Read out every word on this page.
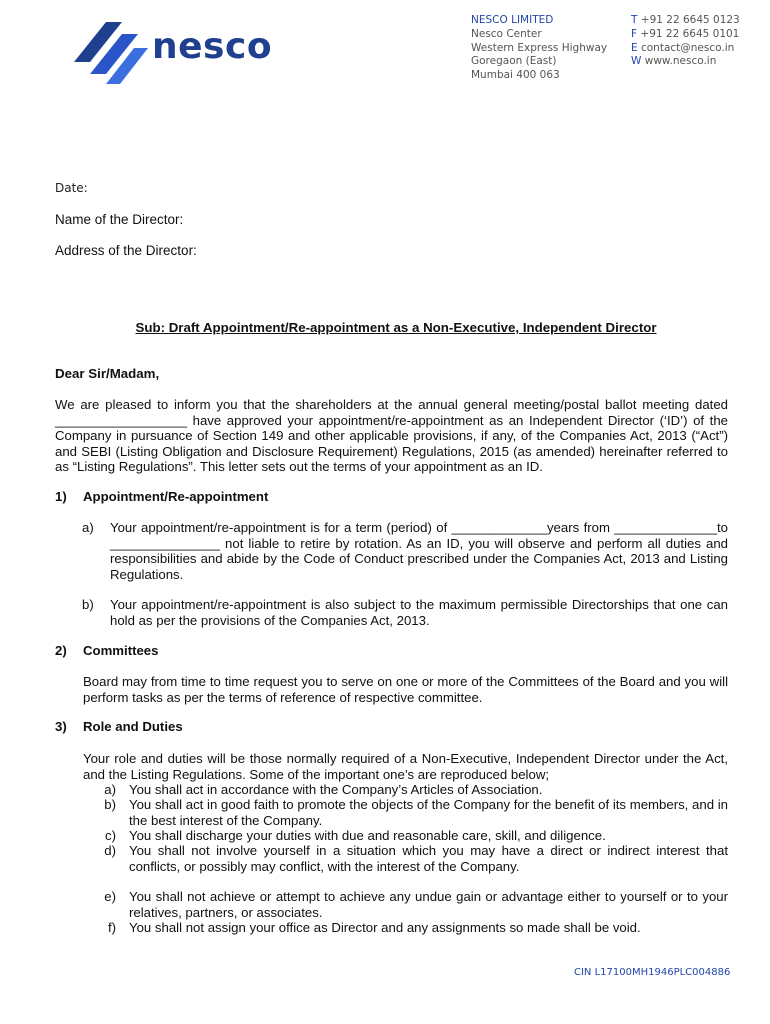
nesco
NESCO LIMITED
Nesco Center
Western Express Highway
Goregaon (East)
Mumbai 400 063
T +91 22 6645 0123
F +91 22 6645 0101
E contact@nesco.in
W www.nesco.in
Date:
Name of the Director:
Address of the Director:
Sub: Draft Appointment/Re-appointment as a Non-Executive, Independent Director
Dear Sir/Madam,
We are pleased to inform you that the shareholders at the annual general meeting/postal ballot meeting dated __________________ have approved your appointment/re-appointment as an Independent Director (‘ID’) of the Company in pursuance of Section 149 and other applicable provisions, if any, of the Companies Act, 2013 (“Act”) and SEBI (Listing Obligation and Disclosure Requirement) Regulations, 2015 (as amended) hereinafter referred to as “Listing Regulations”. This letter sets out the terms of your appointment as an ID.
1) Appointment/Re-appointment
a) Your appointment/re-appointment is for a term (period) of _____________years from ______________to _______________ not liable to retire by rotation. As an ID, you will observe and perform all duties and responsibilities and abide by the Code of Conduct prescribed under the Companies Act, 2013 and Listing Regulations.
b) Your appointment/re-appointment is also subject to the maximum permissible Directorships that one can hold as per the provisions of the Companies Act, 2013.
2) Committees
Board may from time to time request you to serve on one or more of the Committees of the Board and you will perform tasks as per the terms of reference of respective committee.
3) Role and Duties
Your role and duties will be those normally required of a Non-Executive, Independent Director under the Act, and the Listing Regulations. Some of the important one’s are reproduced below;
a) You shall act in accordance with the Company’s Articles of Association.
b) You shall act in good faith to promote the objects of the Company for the benefit of its members, and in the best interest of the Company.
c) You shall discharge your duties with due and reasonable care, skill, and diligence.
d) You shall not involve yourself in a situation which you may have a direct or indirect interest that conflicts, or possibly may conflict, with the interest of the Company.
e) You shall not achieve or attempt to achieve any undue gain or advantage either to yourself or to your relatives, partners, or associates.
f) You shall not assign your office as Director and any assignments so made shall be void.
CIN L17100MH1946PLC004886
